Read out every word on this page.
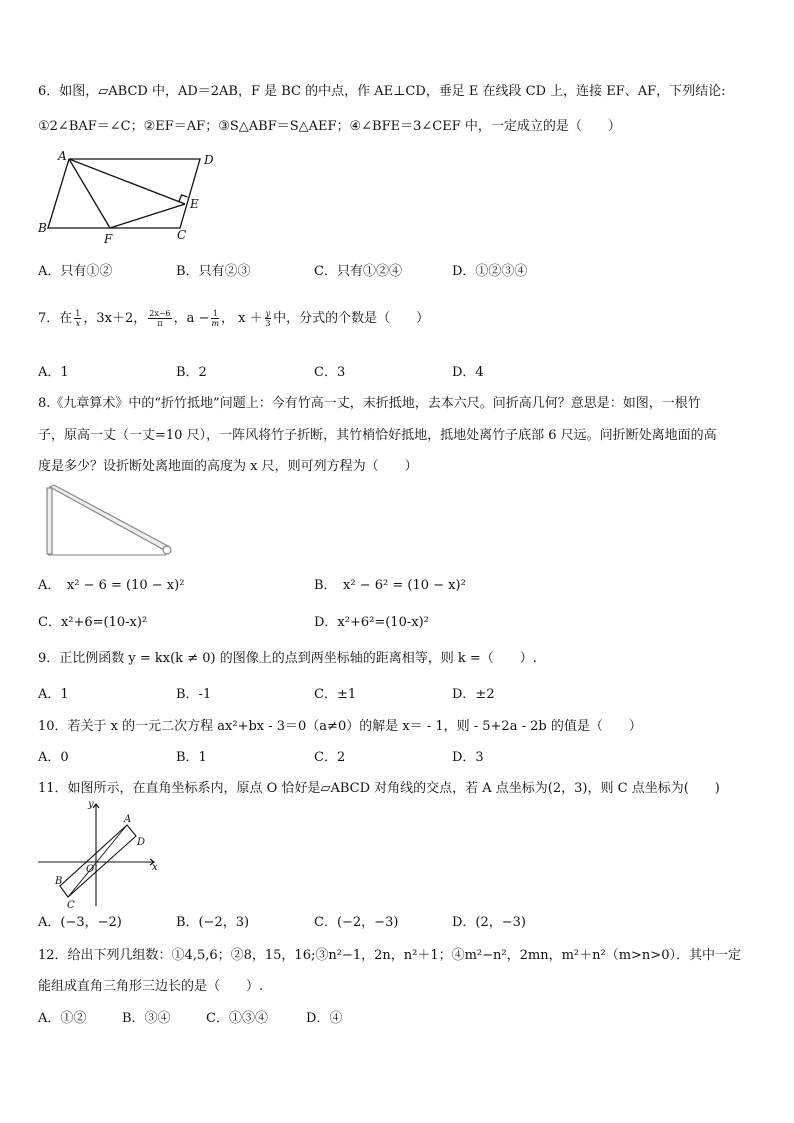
6．如图，▱ABCD 中，AD＝2AB，F 是 BC 的中点，作 AE⊥CD，垂足 E 在线段 CD 上，连接 EF、AF，下列结论:
①2∠BAF＝∠C；②EF＝AF；③S△ABF＝S△AEF；④∠BFE＝3∠CEF 中，一定成立的是（　　）
A	D
E
B
F	C
A．只有①②	B．只有②③	C．只有①②④	D．①②③④
7．在 $\frac{1}{x}$ ，3x＋2， $\frac{2x-6}{\pi}$ ，$a - \frac{1}{m}$ ， $x + \frac{y}{3}$ 中，分式的个数是（　　）
A．1	B．2	C．3	D．4
8.《九章算术》中的“折竹抵地”问题上：今有竹高一丈，末折抵地，去本六尺。问折高几何？意思是：如图，一根竹
子，原高一丈（一丈=10 尺），一阵风将竹子折断，其竹梢恰好抵地，抵地处离竹子底部 6 尺远。问折断处离地面的高
度是多少？设折断处离地面的高度为 x 尺，则可列方程为（　　）
A．　x² − 6 = (10 − x)²	B．　x² − 6² = (10 − x)²
C．x²+6=(10-x)²	D．x²+6²=(10-x)²
9．正比例函数 y = kx(k ≠ 0) 的图像上的点到两坐标轴的距离相等，则 k =（　　）.
A．1	B．-1	C．±1	D．±2
10．若关于 x 的一元二次方程 ax²+bx - 3＝0（a≠0）的解是 x＝ - 1，则 - 5+2a - 2b 的值是（　　）
A．0	B．1	C．2	D．3
11．如图所示，在直角坐标系内，原点 O 恰好是▱ABCD 对角线的交点，若 A 点坐标为(2，3)，则 C 点坐标为(　　)
y
x
A
D
O
B
C
A．(−3，−2)	B．(−2，3)	C．(−2，−3)	D．(2，−3)
12．给出下列几组数：①4,5,6；②8，15，16;③n²−1，2n，n²＋1；④m²−n²，2mn，m²＋n²（m>n>0）．其中一定
能组成直角三角形三边长的是（　　）.
A．①②	B．③④	C．①③④	D．④
